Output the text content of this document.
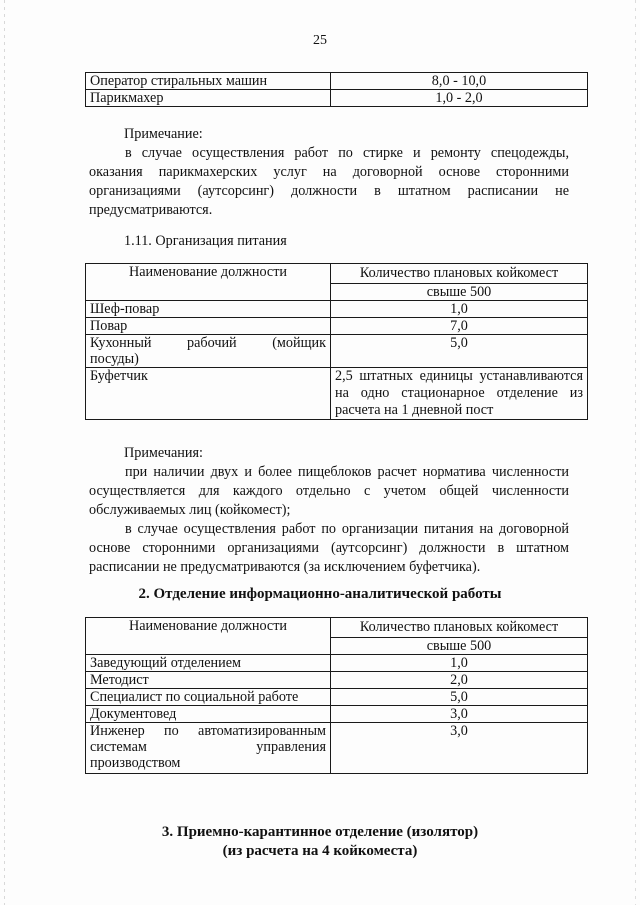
25
Оператор стиральных машин	8,0 - 10,0
Парикмахер	1,0 - 2,0

Примечание:

в случае осуществления работ по стирке и ремонту спецодежды, оказания парикмахерских услуг на договорной основе сторонними организациями (аутсорсинг) должности в штатном расписании не предусматриваются.

1.11. Организация питания
Наименование должности	Количество плановых койкомест
	свыше 500
Шеф-повар	1,0
Повар	7,0

Кухонный рабочий (мойщик
посуды)	5,0
Буфетчик	2,5 штатных единицы устанавливаются на одно стационарное отделение из расчета на 1 дневной пост

Примечания:

при наличии двух и более пищеблоков расчет норматива численности осуществляется для каждого отдельно с учетом общей численности обслуживаемых лиц (койкомест);

в случае осуществления работ по организации питания на договорной основе сторонними организациями (аутсорсинг) должности в штатном расписании не предусматриваются (за исключением буфетчика).

2. Отделение информационно-аналитической работы
Наименование должности	Количество плановых койкомест
	свыше 500
Заведующий отделением	1,0
Методист	2,0
Специалист по социальной работе	5,0
Документовед	3,0

Инженер по автоматизированным
системам управления
производством	3,0
3. Приемно-карантинное отделение (изолятор)
(из расчета на 4 койкоместа)
